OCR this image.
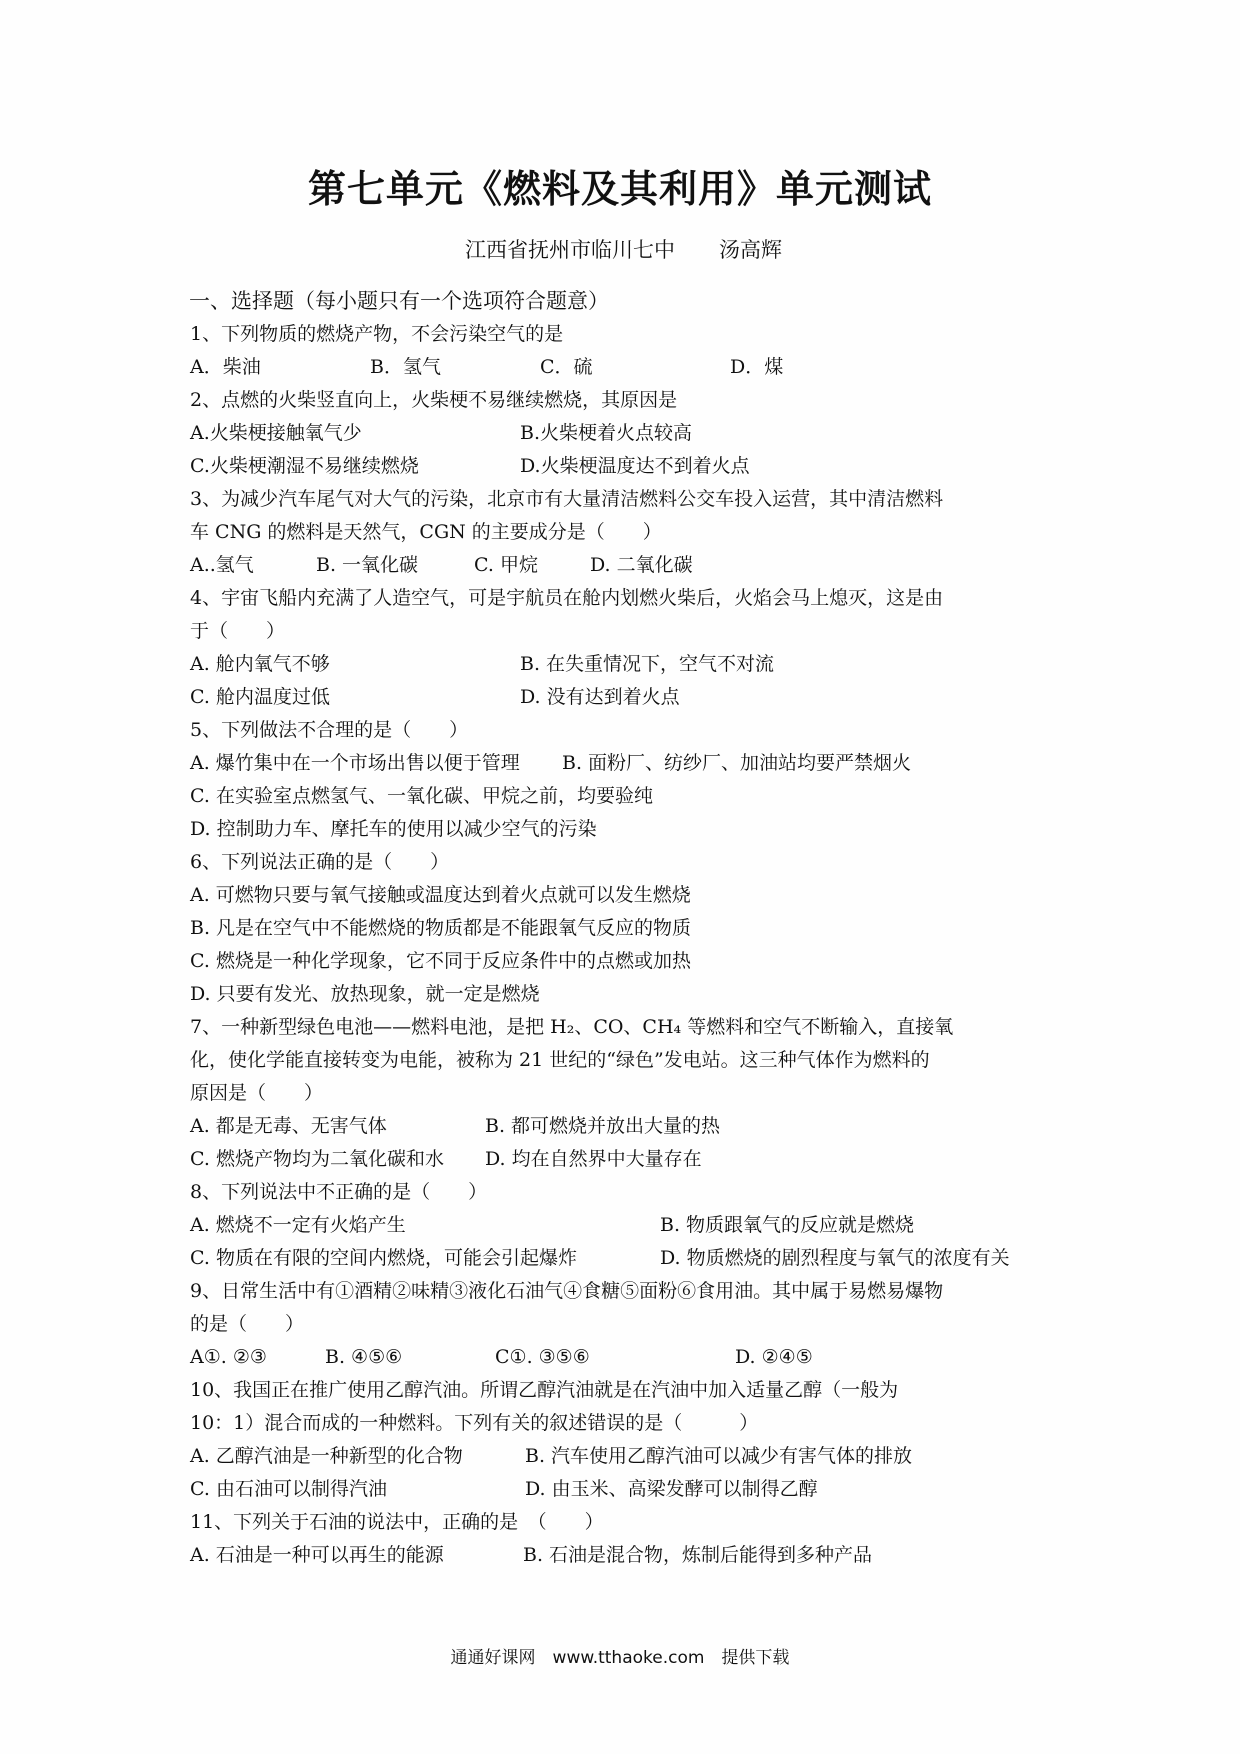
第七单元《燃料及其利用》单元测试
江西省抚州市临川七中 汤高辉
一、选择题（每小题只有一个选项符合题意）
1、下列物质的燃烧产物，不会污染空气的是
A．柴油	B．氢气	C．硫	D．煤
2、点燃的火柴竖直向上，火柴梗不易继续燃烧，其原因是
A.火柴梗接触氧气少	B.火柴梗着火点较高
C.火柴梗潮湿不易继续燃烧	D.火柴梗温度达不到着火点
3、为减少汽车尾气对大气的污染，北京市有大量清洁燃料公交车投入运营，其中清洁燃料
车 CNG 的燃料是天然气，CGN 的主要成分是（　　）
A..氢气	B. 一氧化碳	C. 甲烷	D. 二氧化碳
4、宇宙飞船内充满了人造空气，可是宇航员在舱内划燃火柴后，火焰会马上熄灭，这是由
于（　　）
A. 舱内氧气不够	B. 在失重情况下，空气不对流
C. 舱内温度过低	D. 没有达到着火点
5、下列做法不合理的是（　　）
A. 爆竹集中在一个市场出售以便于管理	B. 面粉厂、纺纱厂、加油站均要严禁烟火
C. 在实验室点燃氢气、一氧化碳、甲烷之前，均要验纯
D. 控制助力车、摩托车的使用以减少空气的污染
6、下列说法正确的是（　　）
A. 可燃物只要与氧气接触或温度达到着火点就可以发生燃烧
B. 凡是在空气中不能燃烧的物质都是不能跟氧气反应的物质
C. 燃烧是一种化学现象，它不同于反应条件中的点燃或加热
D. 只要有发光、放热现象，就一定是燃烧
7、一种新型绿色电池——燃料电池，是把 H₂、CO、CH₄ 等燃料和空气不断输入，直接氧
化，使化学能直接转变为电能，被称为 21 世纪的“绿色”发电站。这三种气体作为燃料的
原因是（　　）
A. 都是无毒、无害气体	B. 都可燃烧并放出大量的热
C. 燃烧产物均为二氧化碳和水	D. 均在自然界中大量存在
8、下列说法中不正确的是（　　）
A. 燃烧不一定有火焰产生	B. 物质跟氧气的反应就是燃烧
C. 物质在有限的空间内燃烧，可能会引起爆炸	D. 物质燃烧的剧烈程度与氧气的浓度有关
9、日常生活中有①酒精②味精③液化石油气④食糖⑤面粉⑥食用油。其中属于易燃易爆物
的是（　　）
A①. ②③	B. ④⑤⑥	C①. ③⑤⑥	D. ②④⑤
10、我国正在推广使用乙醇汽油。所谓乙醇汽油就是在汽油中加入适量乙醇（一般为
10：1）混合而成的一种燃料。下列有关的叙述错误的是（　　　）
A. 乙醇汽油是一种新型的化合物	B. 汽车使用乙醇汽油可以减少有害气体的排放
C. 由石油可以制得汽油	D. 由玉米、高梁发酵可以制得乙醇
11、下列关于石油的说法中，正确的是　（　　）
A. 石油是一种可以再生的能源	B. 石油是混合物，炼制后能得到多种产品
通通好课网　www.tthaoke.com　提供下载
